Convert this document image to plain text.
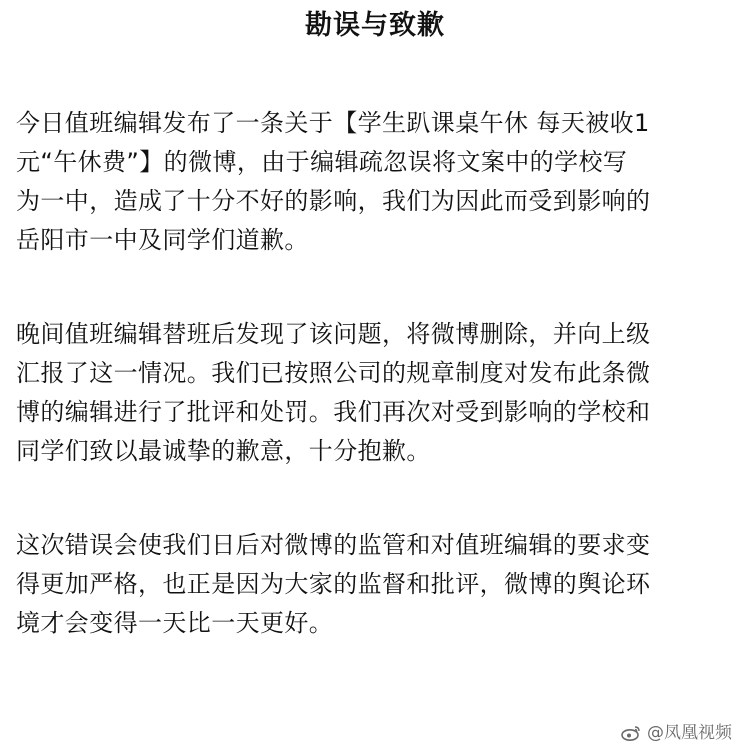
勘误与致歉
今日值班编辑发布了一条关于【学生趴课桌午休 每天被收1
元“午休费”】的微博，由于编辑疏忽误将文案中的学校写
为一中，造成了十分不好的影响，我们为因此而受到影响的
岳阳市一中及同学们道歉。
晚间值班编辑替班后发现了该问题，将微博删除，并向上级
汇报了这一情况。我们已按照公司的规章制度对发布此条微
博的编辑进行了批评和处罚。我们再次对受到影响的学校和
同学们致以最诚挚的歉意，十分抱歉。
这次错误会使我们日后对微博的监管和对值班编辑的要求变
得更加严格，也正是因为大家的监督和批评，微博的舆论环
境才会变得一天比一天更好。
@凤凰视频
